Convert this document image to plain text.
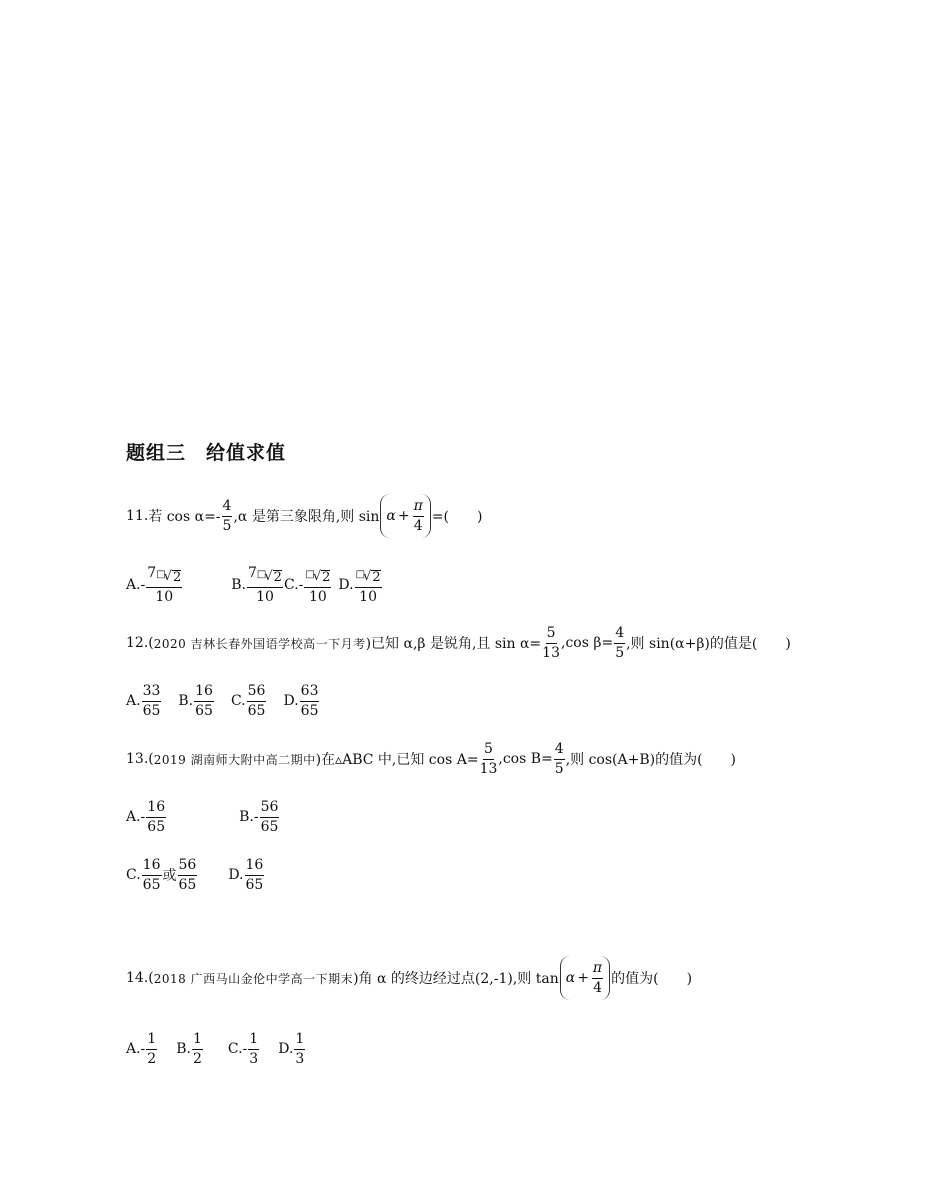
题组三　给值求值
11. 若 $\cos \alpha=- \frac{4}{5} ,\alpha$ 是第三象限角,则 $\sin \alpha + \frac{\pi}{4}$ =(　　)
A.- 7 □
√ 2
10	B. 7 □
√ 2
10 C.- □
√ 2
10 D. □
√ 2
10
12.( 2020 吉林长春外国语学校高一下月考 )已知 α,β 是锐角,且 $\sin \alpha= \frac{5}{13} ,\cos$ $\beta= \frac{4}{5}$ ,则 sin(α+β)的值是(　　)
A. $\frac{33}{65} B$. $\frac{16}{65} C$. $\frac{56}{65} D$. $\frac{63}{65}$
13.( 2019 湖南师大附中高二期中 )在▵ABC 中,已知 $\cos A= \frac{5}{13} ,\cos$ $B= \frac{4}{5}$ ,则 cos(A+B)的值为(　　)
$A.- \frac{16}{65}$	$B.- \frac{56}{65}$
C. $\frac{16}{65}$ 或 $\frac{56}{65} D$. $\frac{16}{65}$
14.( 2018 广西马山金伦中学高一下期末 )角 α 的终边经过点(2,-1),则 $\tan \alpha + \frac{\pi}{4}$ 的值为(　　)
$A.- \frac{1}{2} B$. $\frac{1}{2} C.- \frac{1}{3} D$. $\frac{1}{3}$
